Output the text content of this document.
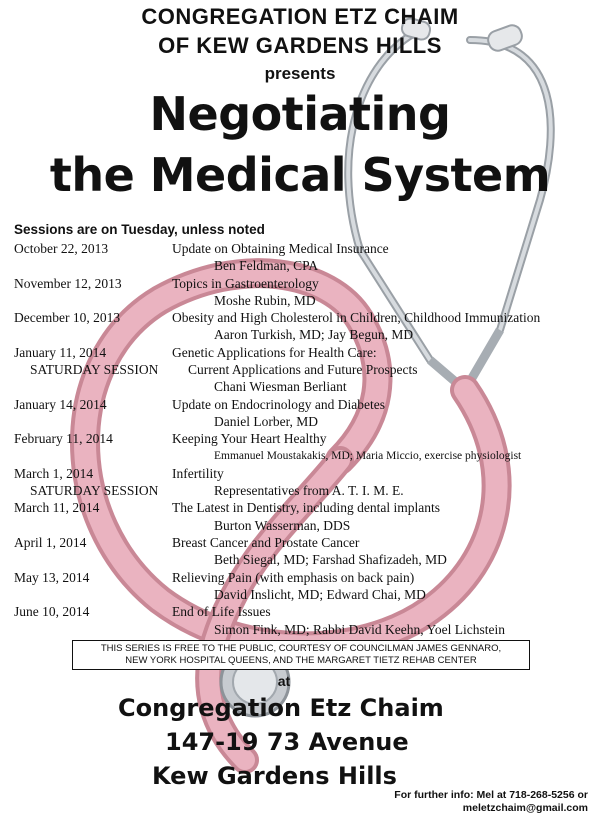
CONGREGATION ETZ CHAIM
OF KEW GARDENS HILLS
presents
Negotiating
the Medical System
Sessions are on Tuesday, unless noted
October 22, 2013	Update on Obtaining Medical Insurance
Ben Feldman, CPA
November 12, 2013	Topics in Gastroenterology
Moshe Rubin, MD
December 10, 2013	Obesity and High Cholesterol in Children, Childhood Immunization
Aaron Turkish, MD; Jay Begun, MD
January 11, 2014	Genetic Applications for Health Care:
SATURDAY SESSION Current Applications and Future Prospects
Chani Wiesman Berliant
January 14, 2014	Update on Endocrinology and Diabetes
Daniel Lorber, MD
February 11, 2014	Keeping Your Heart Healthy
Emmanuel Moustakakis, MD; Maria Miccio, exercise physiologist
March 1, 2014	Infertility
SATURDAY SESSION	Representatives from A. T. I. M. E.
March 11, 2014	The Latest in Dentistry, including dental implants
Burton Wasserman, DDS
April 1, 2014	Breast Cancer and Prostate Cancer
Beth Siegal, MD; Farshad Shafizadeh, MD
May 13, 2014	Relieving Pain (with emphasis on back pain)
David Inslicht, MD; Edward Chai, MD
June 10, 2014	End of Life Issues
Simon Fink, MD; Rabbi David Keehn, Yoel Lichstein
THIS SERIES IS FREE TO THE PUBLIC, COURTESY OF COUNCILMAN JAMES GENNARO,
NEW YORK HOSPITAL QUEENS, AND THE MARGARET TIETZ REHAB CENTER
at
Congregation Etz Chaim
147-19 73 Avenue
Kew Gardens Hills
For further info: Mel at 718-268-5256 or
meletzchaim@gmail.com
